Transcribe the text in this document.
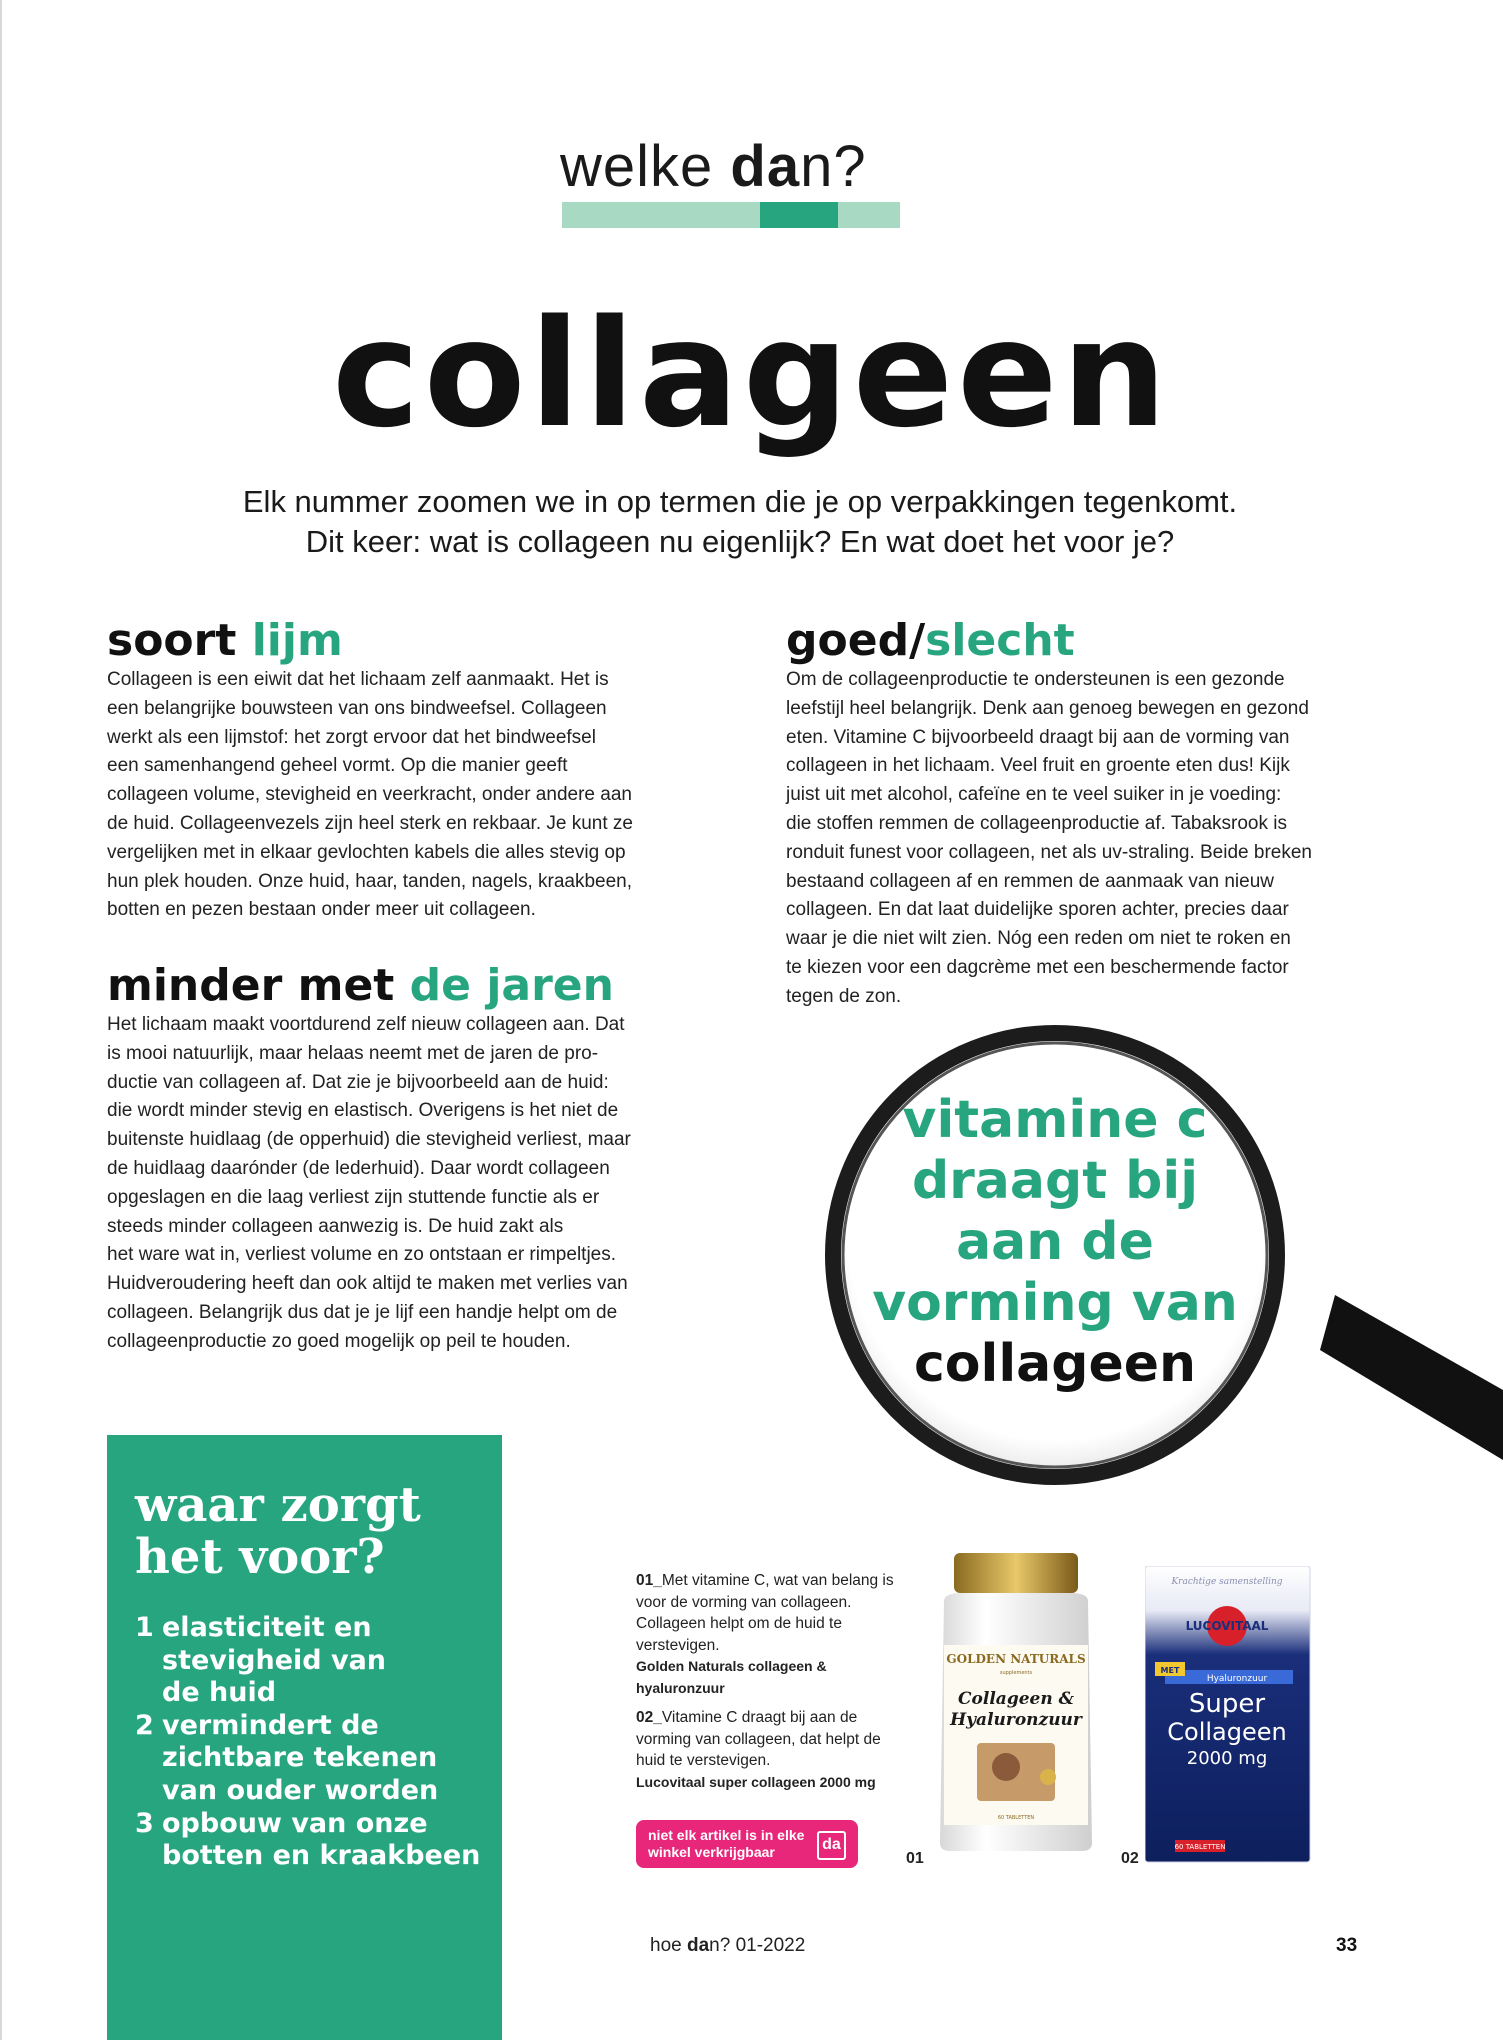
welke dan?
collageen
Elk nummer zoomen we in op termen die je op verpakkingen tegenkomt.
Dit keer: wat is collageen nu eigenlijk? En wat doet het voor je?
soort lijm

Collageen is een eiwit dat het lichaam zelf aanmaakt. Het is
een belangrijke bouwsteen van ons bindweefsel. Collageen
werkt als een lijmstof: het zorgt ervoor dat het bindweefsel
een samenhangend geheel vormt. Op die manier geeft
collageen volume, stevigheid en veerkracht, onder andere aan
de huid. Collageenvezels zijn heel sterk en rekbaar. Je kunt ze
vergelijken met in elkaar gevlochten kabels die alles stevig op
hun plek houden. Onze huid, haar, tanden, nagels, kraakbeen,
botten en pezen bestaan onder meer uit collageen.

minder met de jaren

Het lichaam maakt voortdurend zelf nieuw collageen aan. Dat
is mooi natuurlijk, maar helaas neemt met de jaren de pro-
ductie van collageen af. Dat zie je bijvoorbeeld aan de huid:
die wordt minder stevig en elastisch. Overigens is het niet de
buitenste huidlaag (de opperhuid) die stevigheid verliest, maar
de huidlaag daarónder (de lederhuid). Daar wordt collageen
opgeslagen en die laag verliest zijn stuttende functie als er
steeds minder collageen aanwezig is. De huid zakt als
het ware wat in, verliest volume en zo ontstaan er rimpeltjes.
Huidveroudering heeft dan ook altijd te maken met verlies van
collageen. Belangrijk dus dat je je lijf een handje helpt om de
collageenproductie zo goed mogelijk op peil te houden.

goed/slecht

Om de collageenproductie te ondersteunen is een gezonde
leefstijl heel belangrijk. Denk aan genoeg bewegen en gezond
eten. Vitamine C bijvoorbeeld draagt bij aan de vorming van
collageen in het lichaam. Veel fruit en groente eten dus! Kijk
juist uit met alcohol, cafeïne en te veel suiker in je voeding:
die stoffen remmen de collageenproductie af. Tabaksrook is
ronduit funest voor collageen, net als uv-straling. Beide breken
bestaand collageen af en remmen de aanmaak van nieuw
collageen. En dat laat duidelijke sporen achter, precies daar
waar je die niet wilt zien. Nóg een reden om niet te roken en
te kiezen voor een dagcrème met een beschermende factor
tegen de zon.

vitamine c
draagt bij
aan de
vorming van
collageen
waar zorgt
het voor?
1 elasticiteit en
stevigheid van
de huid
2 vermindert de
zichtbare tekenen
van ouder worden
3 opbouw van onze
botten en kraakbeen

01_Met vitamine C, wat van belang is voor de vorming van collageen. Collageen helpt om de huid te verstevigen.

Golden Naturals collageen & hyaluronzuur

02_Vitamine C draagt bij aan de vorming van collageen, dat helpt de huid te verstevigen.

Lucovitaal super collageen 2000 mg

niet elk artikel is in elke winkel verkrijgbaar	da
01	02
GOLDEN NATURALS
supplements
Collageen &
Hyaluronzuur
60 TABLETTEN
Krachtige samenstelling
LUCOVITAAL
MET
Hyaluronzuur
Super
Collageen
2000 mg
60 TABLETTEN
hoe dan? 01-2022	33
